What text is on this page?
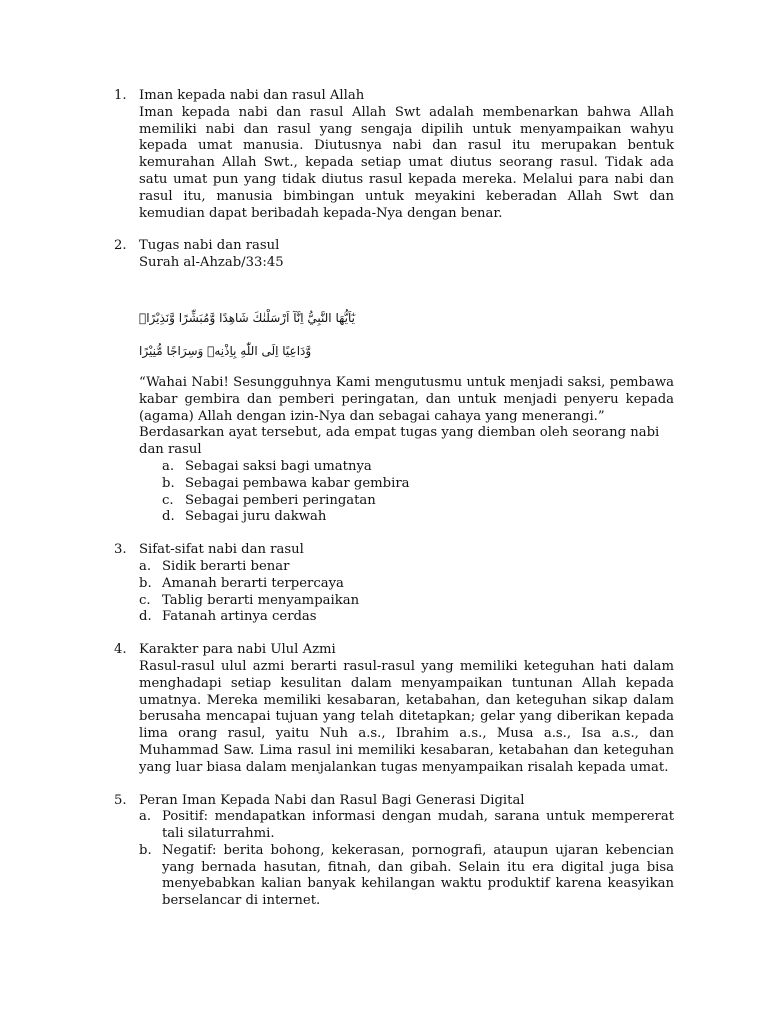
1. Iman kepada nabi dan rasul Allah

Iman kepada nabi dan rasul Allah Swt adalah membenarkan bahwa Allah memiliki nabi dan rasul yang sengaja dipilih untuk menyampaikan wahyu kepada umat manusia. Diutusnya nabi dan rasul itu merupakan bentuk kemurahan Allah Swt., kepada setiap umat diutus seorang rasul. Tidak ada satu umat pun yang tidak diutus rasul kepada mereka. Melalui para nabi dan rasul itu, manusia bimbingan untuk meyakini keberadan Allah Swt dan kemudian dapat beribadah kepada-Nya dengan benar.

2. Tugas nabi dan rasul
Surah al-Ahzab/33:45
يٰٓاَيُّهَا النَّبِيُّ اِنَّآ اَرْسَلْنٰكَ شَاهِدًا وَّمُبَشِّرًا وَّنَذِيْرًاۙ
وَّدَاعِيًا اِلَى اللّٰهِ بِاِذْنِهٖ وَسِرَاجًا مُّنِيْرًا

“Wahai Nabi! Sesungguhnya Kami mengutusmu untuk menjadi saksi, pembawa kabar gembira dan pemberi peringatan, dan untuk menjadi penyeru kepada (agama) Allah dengan izin-Nya dan sebagai cahaya yang menerangi.”

Berdasarkan ayat tersebut, ada empat tugas yang diemban oleh seorang nabi dan rasul

a. Sebagai saksi bagi umatnya
b. Sebagai pembawa kabar gembira
c. Sebagai pemberi peringatan
d. Sebagai juru dakwah
3. Sifat-sifat nabi dan rasul
a. Sidik berarti benar
b. Amanah berarti terpercaya
c. Tablig berarti menyampaikan
d. Fatanah artinya cerdas
4. Karakter para nabi Ulul Azmi

Rasul-rasul ulul azmi berarti rasul-rasul yang memiliki keteguhan hati dalam menghadapi setiap kesulitan dalam menyampaikan tuntunan Allah kepada umatnya. Mereka memiliki kesabaran, ketabahan, dan keteguhan sikap dalam berusaha mencapai tujuan yang telah ditetapkan; gelar yang diberikan kepada lima orang rasul, yaitu Nuh a.s., Ibrahim a.s., Musa a.s., Isa a.s., dan Muhammad Saw. Lima rasul ini memiliki kesabaran, ketabahan dan keteguhan yang luar biasa dalam menjalankan tugas menyampaikan risalah kepada umat.

5. Peran Iman Kepada Nabi dan Rasul Bagi Generasi Digital
a. Positif: mendapatkan informasi dengan mudah, sarana untuk mempererat tali silaturrahmi.
b. Negatif: berita bohong, kekerasan, pornografi, ataupun ujaran kebencian yang bernada hasutan, fitnah, dan gibah. Selain itu era digital juga bisa menyebabkan kalian banyak kehilangan waktu produktif karena keasyikan berselancar di internet.
